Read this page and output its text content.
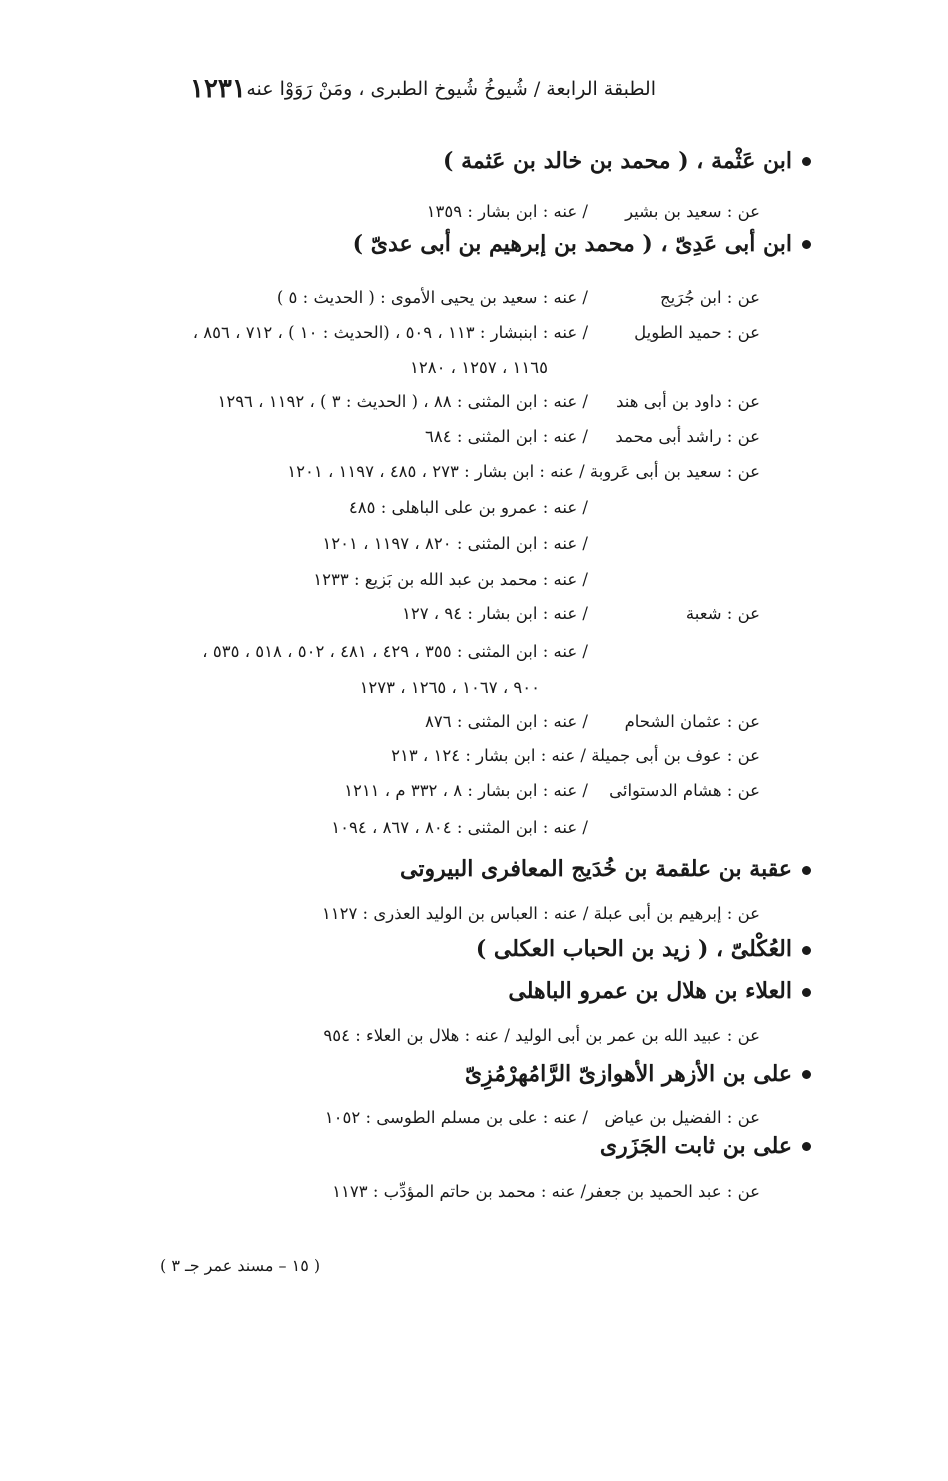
الطبقة الرابعة / شُيوخُ شُيوخ الطبرى ، ومَنْ رَوَوْا عنه
١٢٣١
ابن عَثْمة ، ( محمد بن خالد بن عَثمة )
عن : سعيد بن بشير
/ عنه : ابن بشار : ١٣٥٩
ابن أبى عَدِىّ ، ( محمد بن إبرهيم بن أبى عدىّ )
عن : ابن جُرَيج
/ عنه : سعيد بن يحيى الأموى : ( الحديث : ٥ )
عن : حميد الطويل
/ عنه : ابنبشار : ١١٣ ، ٥٠٩ ، (الحديث : ١٠ ) ، ٧١٢ ، ٨٥٦ ،
١١٦٥ ، ١٢٥٧ ، ١٢٨٠
عن : داود بن أبى هند
/ عنه : ابن المثنى : ٨٨ ، ( الحديث : ٣ ) ، ١١٩٢ ، ١٢٩٦
عن : راشد أبى محمد
/ عنه : ابن المثنى : ٦٨٤
عن : سعيد بن أبى عَروبة / عنه : ابن بشار : ٢٧٣ ، ٤٨٥ ، ١١٩٧ ، ١٢٠١
/ عنه : عمرو بن على الباهلى : ٤٨٥
/ عنه : ابن المثنى : ٨٢٠ ، ١١٩٧ ، ١٢٠١
/ عنه : محمد بن عبد الله بن بَزيع : ١٢٣٣
عن : شعبة
/ عنه : ابن بشار : ٩٤ ، ١٢٧
/ عنه : ابن المثنى : ٣٥٥ ، ٤٢٩ ، ٤٨١ ، ٥٠٢ ، ٥١٨ ، ٥٣٥ ،
٩٠٠ ، ١٠٦٧ ، ١٢٦٥ ، ١٢٧٣
عن : عثمان الشحام
/ عنه : ابن المثنى : ٨٧٦
عن : عوف بن أبى جميلة / عنه : ابن بشار : ١٢٤ ، ٢١٣
عن : هشام الدستوائى
/ عنه : ابن بشار : ٨ ، ٣٣٢ م ، ١٢١١
/ عنه : ابن المثنى : ٨٠٤ ، ٨٦٧ ، ١٠٩٤
عقبة بن علقمة بن خُدَيج المعافرى البيروتى
عن : إبرهيم بن أبى عبلة / عنه : العباس بن الوليد العذرى : ١١٢٧
العُكْلىّ ، ( زيد بن الحباب العكلى )
العلاء بن هلال بن عمرو الباهلى
عن : عبيد الله بن عمر بن أبى الوليد / عنه : هلال بن العلاء : ٩٥٤
على بن الأزهر الأهوازىّ الرَّامُهرْمُزِىّ
عن : الفضيل بن عياض
/ عنه : على بن مسلم الطوسى : ١٠٥٢
على بن ثابت الجَزَرى
عن : عبد الحميد بن جعفر/ عنه : محمد بن حاتم المؤدِّب : ١١٧٣
( ١٥ – مسند عمر جـ ٣ )
